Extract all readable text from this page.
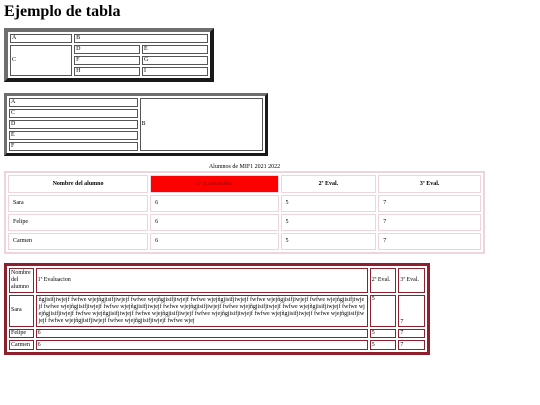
Ejemplo de tabla
A	B	
C	D	E
	F	G
	H	I
A	B
C
D
E
F
Alumnos de MIF1 2021 2022
Nombre del alumno	1ª Evaluación	2ª Eval.	3ª Eval.
Sara	6	5	7
Felipe	6	5	7
Carmen	6	5	7
Nombre del alumno	1ª Evaluacion	2ª Eval.	3ª Eval.
Sara	ñgjisifjiwjejf fwfwe wjejñgjisifjiwjejf fwfwe wjejñgjisifjiwjejf fwfwe wjejñgjisifjiwjejf fwfwe wjejñgjisifjiwjejf fwfwe wjejñgjisifjiwjejf fwfwe wjejñgjisifjiwjejf fwfwe wjejñgjisifjiwjejf fwfwe wjejñgjisifjiwjejf fwfwe wjejñgjisifjiwjejf fwfwe wjejñgjisifjiwjejf fwfwe wjejñgjisifjiwjejf fwfwe wjejñgjisifjiwjejf fwfwe wjejñgjisifjiwjejf fwfwe wjejñgjisifjiwjejf fwfwe wjejñgjisifjiwjejf fwfwe wjejñgjisifjiwjejf fwfwe wjejñgjisifjiwjejf fwfwe wjejñgjisifjiwjejf fwfwe wjej	5	7
Felipe	6	5	7
Carmen	6	5	7
